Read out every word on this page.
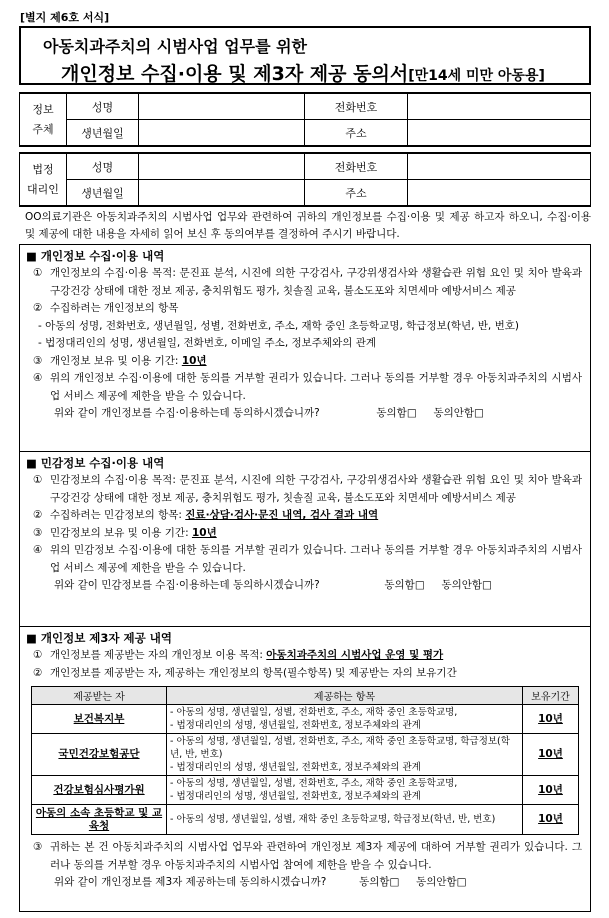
[별지 제6호 서식]
아동치과주치의 시범사업 업무를 위한
개인정보 수집·이용 및 제3자 제공 동의서[만14세 미만 아동용]
정보
주체	성명		전화번호	
	생년월일		주소	
법정
대리인	성명		전화번호	
	생년월일		주소	
OO의료기관은 아동치과주치의 시범사업 업무와 관련하여 귀하의 개인정보를 수집·이용 및 제공 하고자 하오니, 수집·이용 및 제공에 대한 내용을 자세히 읽어 보신 후 동의여부를 결정하여 주시기 바랍니다.
■ 개인정보 수집·이용 내역
① 개인정보의 수집·이용 목적: 문진표 분석, 시진에 의한 구강검사, 구강위생검사와 생활습관 위험 요인 및 치아 발육과 구강건강 상태에 대한 정보 제공, 충치위험도 평가, 칫솔질 교육, 불소도포와 치면세마 예방서비스 제공
② 수집하려는 개인정보의 항목
- 아동의 성명, 전화번호, 생년월일, 성별, 전화번호, 주소, 재학 중인 초등학교명, 학급정보(학년, 반, 번호)
- 법정대리인의 성명, 생년월일, 전화번호, 이메일 주소, 정보주체와의 관계
③ 개인정보 보유 및 이용 기간: 10년
④ 위의 개인정보 수집·이용에 대한 동의를 거부할 권리가 있습니다. 그러나 동의를 거부할 경우 아동치과주치의 시범사업 서비스 제공에 제한을 받을 수 있습니다.
위와 같이 개인정보를 수집·이용하는데 동의하시겠습니까?	동의함□ 동의안함□
■ 민감정보 수집·이용 내역
① 민감정보의 수집·이용 목적: 문진표 분석, 시진에 의한 구강검사, 구강위생검사와 생활습관 위험 요인 및 치아 발육과 구강건강 상태에 대한 정보 제공, 충치위험도 평가, 칫솔질 교육, 불소도포와 치면세마 예방서비스 제공
② 수집하려는 민감정보의 항목: 진료·상담·검사·문진 내역, 검사 결과 내역
③ 민감정보의 보유 및 이용 기간: 10년
④ 위의 민감정보 수집·이용에 대한 동의를 거부할 권리가 있습니다. 그러나 동의를 거부할 경우 아동치과주치의 시범사업 서비스 제공에 제한을 받을 수 있습니다.
위와 같이 민감정보를 수집·이용하는데 동의하시겠습니까?	동의함□ 동의안함□
■ 개인정보 제3자 제공 내역
① 개인정보를 제공받는 자의 개인정보 이용 목적: 아동치과주치의 시범사업 운영 및 평가
② 개인정보를 제공받는 자, 제공하는 개인정보의 항목(필수항목) 및 제공받는 자의 보유기간
제공받는 자	제공하는 항목	보유기간
보건복지부	- 아동의 성명, 생년월일, 성별, 전화번호, 주소, 재학 중인 초등학교명,
- 법정대리인의 성명, 생년월일, 전화번호, 정보주체와의 관계	10년
국민건강보험공단	- 아동의 성명, 생년월일, 성별, 전화번호, 주소, 재학 중인 초등학교명, 학급정보(학년, 반, 번호)
- 법정대리인의 성명, 생년월일, 전화번호, 정보주체와의 관계	10년
건강보험심사평가원	- 아동의 성명, 생년월일, 성별, 전화번호, 주소, 재학 중인 초등학교명,
- 법정대리인의 성명, 생년월일, 전화번호, 정보주체와의 관계	10년
아동의 소속 초등학교 및 교육청	- 아동의 성명, 생년월일, 성별, 재학 중인 초등학교명, 학급정보(학년, 반, 번호)	10년
③ 귀하는 본 건 아동치과주치의 시범사업 업무와 관련하여 개인정보 제3자 제공에 대하여 거부할 권리가 있습니다. 그러나 동의를 거부할 경우 아동치과주치의 시범사업 참여에 제한을 받을 수 있습니다.
위와 같이 개인정보를 제3자 제공하는데 동의하시겠습니까?	동의함□ 동의안함□
